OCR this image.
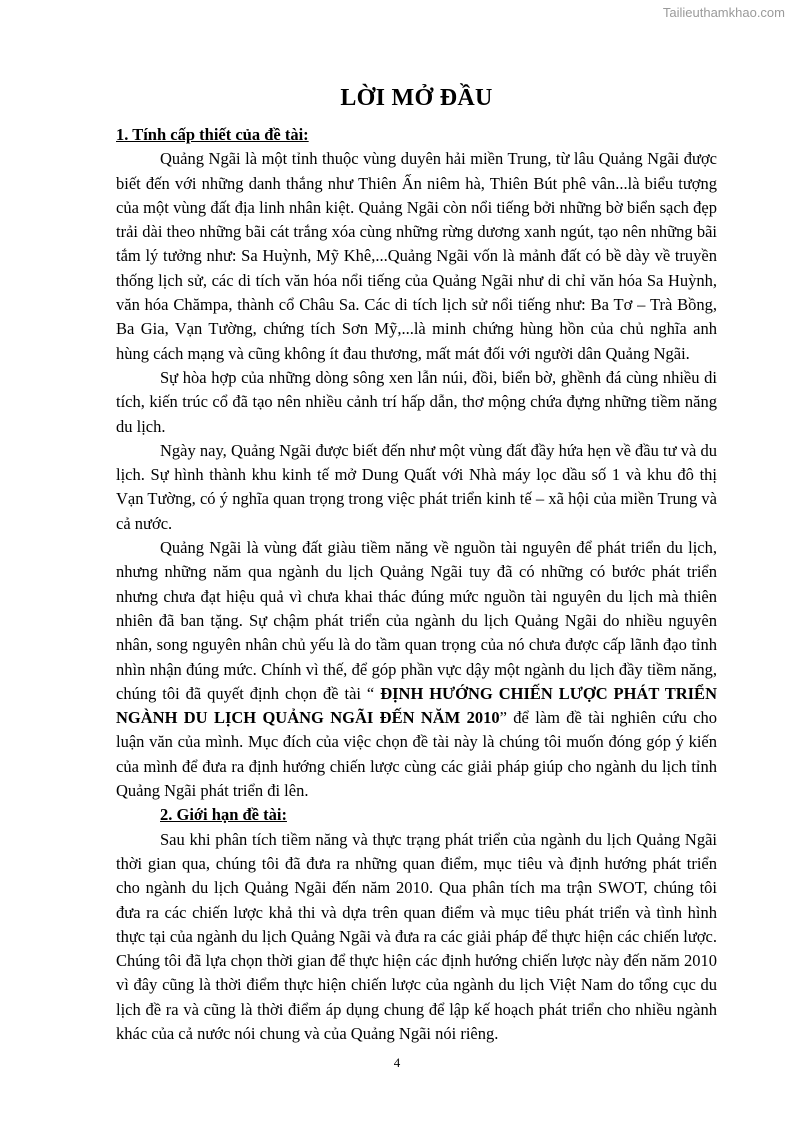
Tailieuthamkhao.com
LỜI MỞ ĐẦU
1. Tính cấp thiết của đề tài:

Quảng Ngãi là một tỉnh thuộc vùng duyên hải miền Trung, từ lâu Quảng Ngãi được biết đến với những danh thắng như Thiên Ấn niêm hà, Thiên Bút phê vân...là biểu tượng của một vùng đất địa linh nhân kiệt. Quảng Ngãi còn nổi tiếng bởi những bờ biển sạch đẹp trải dài theo những bãi cát trắng xóa cùng những rừng dương xanh ngút, tạo nên những bãi tắm lý tưởng như: Sa Huỳnh, Mỹ Khê,...Quảng Ngãi vốn là mảnh đất có bề dày về truyền thống lịch sử, các di tích văn hóa nổi tiếng của Quảng Ngãi như di chỉ văn hóa Sa Huỳnh, văn hóa Chămpa, thành cổ Châu Sa. Các di tích lịch sử nổi tiếng như: Ba Tơ – Trà Bồng, Ba Gia, Vạn Tường, chứng tích Sơn Mỹ,...là minh chứng hùng hồn của chủ nghĩa anh hùng cách mạng và cũng không ít đau thương, mất mát đối với người dân Quảng Ngãi.

Sự hòa hợp của những dòng sông xen lẫn núi, đồi, biển bờ, ghềnh đá cùng nhiều di tích, kiến trúc cổ đã tạo nên nhiều cảnh trí hấp dẫn, thơ mộng chứa đựng những tiềm năng du lịch.

Ngày nay, Quảng Ngãi được biết đến như một vùng đất đầy hứa hẹn về đầu tư và du lịch. Sự hình thành khu kinh tế mở Dung Quất với Nhà máy lọc dầu số 1 và khu đô thị Vạn Tường, có ý nghĩa quan trọng trong việc phát triển kinh tế – xã hội của miền Trung và cả nước.

Quảng Ngãi là vùng đất giàu tiềm năng về nguồn tài nguyên để phát triển du lịch, nhưng những năm qua ngành du lịch Quảng Ngãi tuy đã có những có bước phát triển nhưng chưa đạt hiệu quả vì chưa khai thác đúng mức nguồn tài nguyên du lịch mà thiên nhiên đã ban tặng. Sự chậm phát triển của ngành du lịch Quảng Ngãi do nhiều nguyên nhân, song nguyên nhân chủ yếu là do tầm quan trọng của nó chưa được cấp lãnh đạo tỉnh nhìn nhận đúng mức. Chính vì thế, để góp phần vực dậy một ngành du lịch đầy tiềm năng, chúng tôi đã quyết định chọn đề tài “ ĐỊNH HƯỚNG CHIẾN LƯỢC PHÁT TRIỂN NGÀNH DU LỊCH QUẢNG NGÃI ĐẾN NĂM 2010” để làm đề tài nghiên cứu cho luận văn của mình. Mục đích của việc chọn đề tài này là chúng tôi muốn đóng góp ý kiến của mình để đưa ra định hướng chiến lược cùng các giải pháp giúp cho ngành du lịch tỉnh Quảng Ngãi phát triển đi lên.

2. Giới hạn đề tài:

Sau khi phân tích tiềm năng và thực trạng phát triển của ngành du lịch Quảng Ngãi thời gian qua, chúng tôi đã đưa ra những quan điểm, mục tiêu và định hướng phát triển cho ngành du lịch Quảng Ngãi đến năm 2010. Qua phân tích ma trận SWOT, chúng tôi đưa ra các chiến lược khả thi và dựa trên quan điểm và mục tiêu phát triển và tình hình thực tại của ngành du lịch Quảng Ngãi và đưa ra các giải pháp để thực hiện các chiến lược. Chúng tôi đã lựa chọn thời gian để thực hiện các định hướng chiến lược này đến năm 2010 vì đây cũng là thời điểm thực hiện chiến lược của ngành du lịch Việt Nam do tổng cục du lịch đề ra và cũng là thời điểm áp dụng chung để lập kế hoạch phát triển cho nhiều ngành khác của cả nước nói chung và của Quảng Ngãi nói riêng.

4
